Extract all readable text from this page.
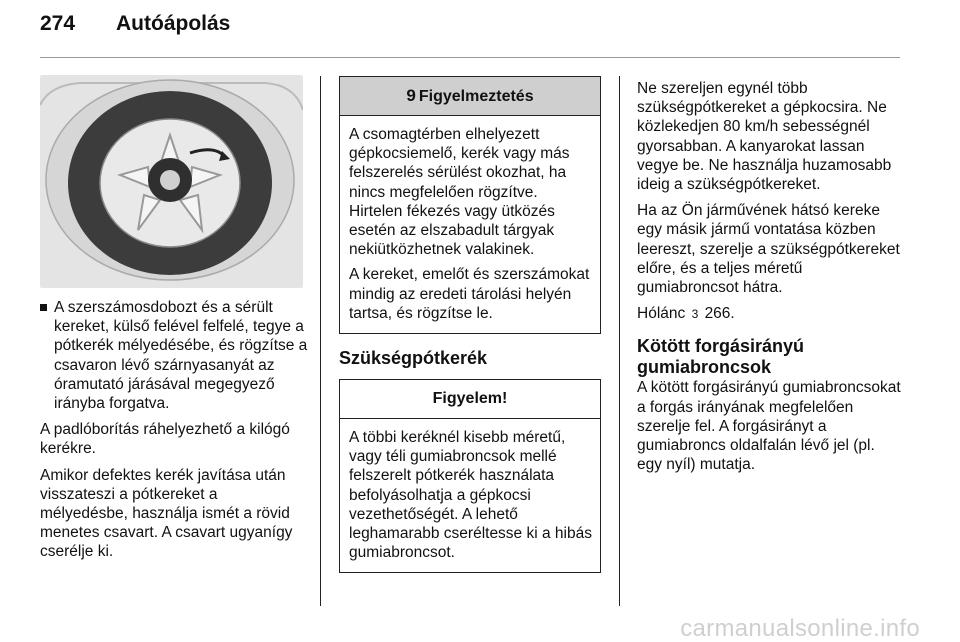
274 Autóápolás
A szerszámosdobozt és a sérült kereket, külső felével felfelé, tegye a pótkerék mélyedésébe, és rögzítse a csavaron lévő szárnyasanyát az óramutató járásával megegyező irányba forgatva.

A padlóborítás ráhelyezhető a kilógó kerékre.

Amikor defektes kerék javítása után visszateszi a pótkereket a mélyedésbe, használja ismét a rövid menetes csavart. A csavart ugyanígy cserélje ki.

9 Figyelmeztetés

A csomagtérben elhelyezett gépkocsiemelő, kerék vagy más felszerelés sérülést okozhat, ha nincs megfelelően rögzítve. Hirtelen fékezés vagy ütközés esetén az elszabadult tárgyak nekiütközhetnek valakinek.

A kereket, emelőt és szerszámokat mindig az eredeti tárolási helyén tartsa, és rögzítse le.

Szükségpótkerék
Figyelem!

A többi keréknél kisebb méretű, vagy téli gumiabroncsok mellé felszerelt pótkerék használata befolyásolhatja a gépkocsi vezethetőségét. A lehető leghamarabb cseréltesse ki a hibás gumiabroncsot.

Ne szereljen egynél több szükségpótkereket a gépkocsira. Ne közlekedjen 80 km/h sebességnél gyorsabban. A kanyarokat lassan vegye be. Ne használja huzamosabb ideig a szükségpótkereket.

Ha az Ön járművének hátsó kereke egy másik jármű vontatása közben leereszt, szerelje a szükségpótkereket előre, és a teljes méretű gumiabroncsot hátra.

Hólánc 3 266.

Kötött forgásirányú gumiabroncsok

A kötött forgásirányú gumiabroncsokat a forgás irányának megfelelően szerelje fel. A forgásirányt a gumiabroncs oldalfalán lévő jel (pl. egy nyíl) mutatja.

carmanualsonline.info
